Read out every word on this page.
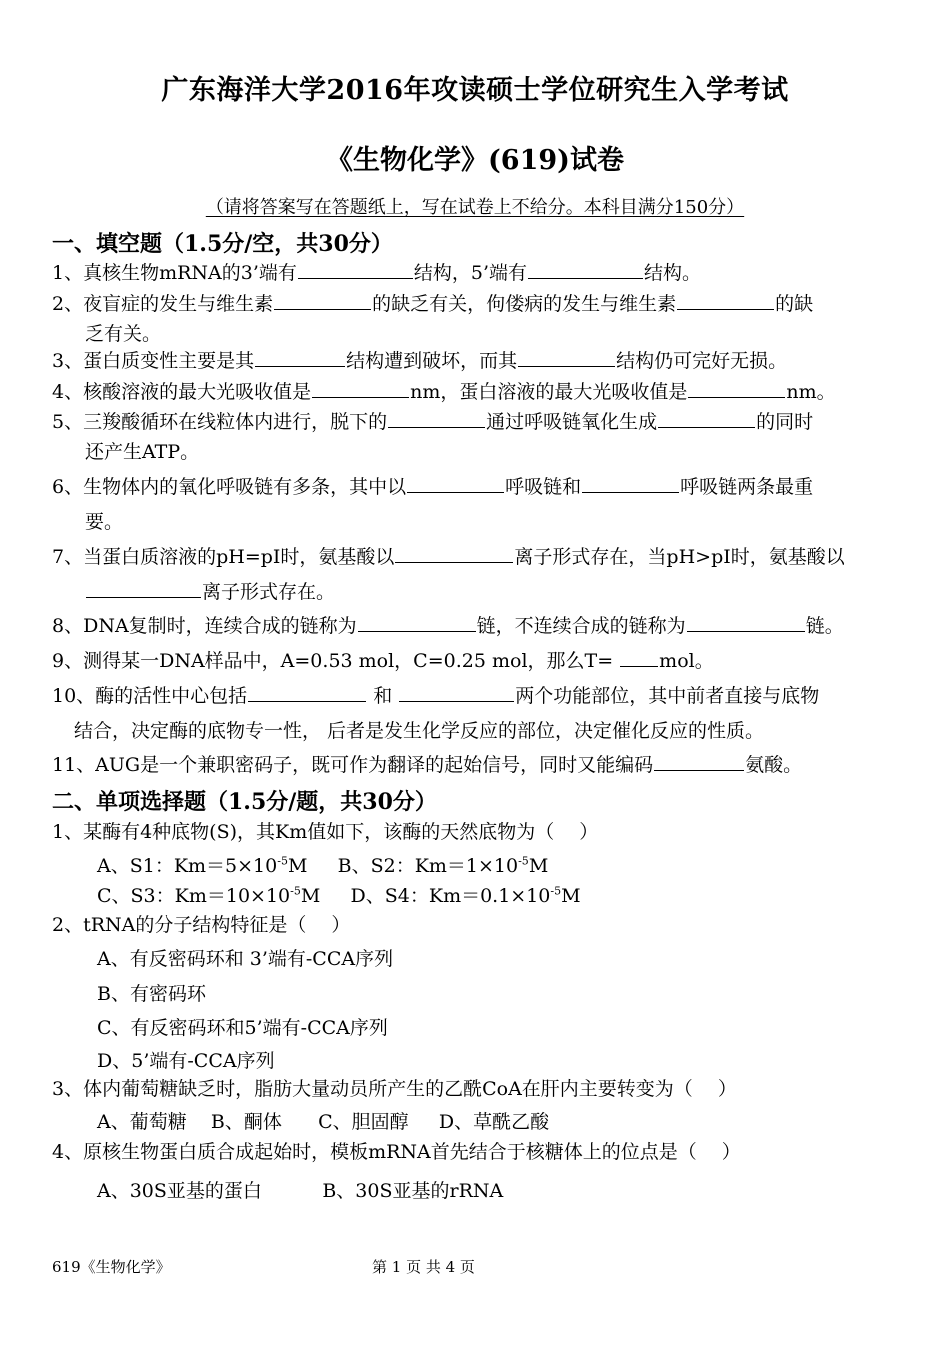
广东海洋大学2016年攻读硕士学位研究生入学考试
《生物化学》(619)试卷
（请将答案写在答题纸上，写在试卷上不给分。本科目满分150分）
一、填空题（1.5分/空，共30分）
1、真核生物mRNA的3’端有	结构，5’端有	结构。
2、夜盲症的发生与维生素	的缺乏有关，佝偻病的发生与维生素	的缺
乏有关。
3、蛋白质变性主要是其	结构遭到破坏，而其	结构仍可完好无损。
4、核酸溶液的最大光吸收值是	nm，蛋白溶液的最大光吸收值是	nm。
5、三羧酸循环在线粒体内进行，脱下的	通过呼吸链氧化生成	的同时
还产生ATP。
6、生物体内的氧化呼吸链有多条，其中以	呼吸链和	呼吸链两条最重
要。
7、当蛋白质溶液的pH=pI时，氨基酸以	离子形式存在，当pH>pI时，氨基酸以
离子形式存在。
8、DNA复制时，连续合成的链称为	链，不连续合成的链称为	链。
9、测得某一DNA样品中，A=0.53 mol，C=0.25 mol，那么T= mol。
10、酶的活性中心包括	和	两个功能部位，其中前者直接与底物
结合，决定酶的底物专一性， 后者是发生化学反应的部位，决定催化反应的性质。
11、AUG是一个兼职密码子，既可作为翻译的起始信号，同时又能编码	氨酸。
二、单项选择题（1.5分/题，共30分）
1、某酶有4种底物(S)，其Km值如下，该酶的天然底物为（　 ）
A、S1：$Km=5\times 10^{-5}M$ B、S2：$Km=1\times 10^{-5}M$
C、S3：$Km=10\times 10^{-5}M$ D、S4：$Km=0.1\times 10^{-5}M$
2、tRNA的分子结构特征是（　 ）
A、有反密码环和 3’端有-CCA序列
B、有密码环
C、有反密码环和5’端有-CCA序列
D、5’端有-CCA序列
3、体内葡萄糖缺乏时，脂肪大量动员所产生的乙酰CoA在肝内主要转变为（　 ）
A、葡萄糖 B、酮体 C、胆固醇 D、草酰乙酸
4、原核生物蛋白质合成起始时，模板mRNA首先结合于核糖体上的位点是（　 ）
A、30S亚基的蛋白	B、30S亚基的rRNA
619《生物化学》	第 1 页 共 4 页
